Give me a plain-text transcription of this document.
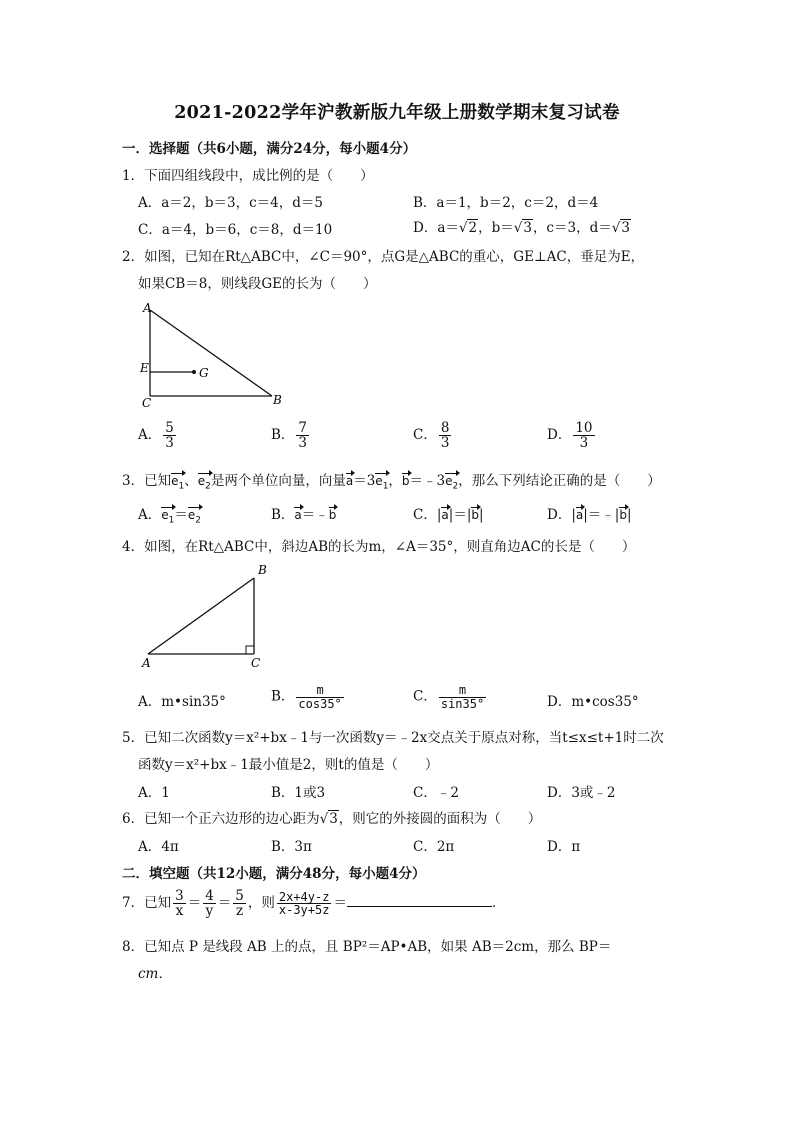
2021-2022学年沪教新版九年级上册数学期末复习试卷
一．选择题（共6小题，满分24分，每小题4分）
1．下面四组线段中，成比例的是（　　）
A．a＝2，b＝3，c＝4，d＝5	B．a＝1，b＝2，c＝2，d＝4
C．a＝4，b＝6，c＝8，d＝10	D．a＝√2，b＝√3，c＝3，d＝√3
2．如图，已知在Rt△ABC中，∠C＝90°，点G是△ABC的重心，GE⊥AC，垂足为E，
如果CB＝8，则线段GE的长为（　　）
A
E	G
C	B
A． $\frac{5}{3}$	B． $\frac{7}{3}$	C． $\frac{8}{3}$	D． $\frac{10}{3}$
3．已知$e_1$、$e_2$是两个单位向量，向量$a=3e_1$，$b=﹣3e_2$，那么下列结论正确的是（　　）
A．$e_1=e_2$	B．a＝﹣b	C．|a|＝|b|	D．|a|＝﹣|b|
4．如图，在Rt△ABC中，斜边AB的长为m，∠A＝35°，则直角边AC的长是（　　）
B
A	C
A．m•sin35°	B． $\frac{m}{\cos 35^\circ}$	C． $\frac{m}{\sin 35^\circ}$	D．m•cos35°
5．已知二次函数y＝x²+bx﹣1与一次函数y＝﹣2x交点关于原点对称，当t≤x≤t+1时二次
函数y＝x²+bx﹣1最小值是2，则t的值是（　　）
A．1	B．1或3	C．﹣2	D．3或﹣2
6．已知一个正六边形的边心距为√3，则它的外接圆的面积为（　　）
A．4π	B．3π	C．2π	D．π
二．填空题（共12小题，满分48分，每小题4分）
7．已知 $\frac{3}{x} = \frac{4}{y} = \frac{5}{z}$ ，则 $\frac{2x+4y-z}{x-3y+5z}$ ＝	．
8．已知点 P 是线段 AB 上的点，且 BP²＝AP•AB，如果 AB＝2cm，那么 BP＝
cm．
